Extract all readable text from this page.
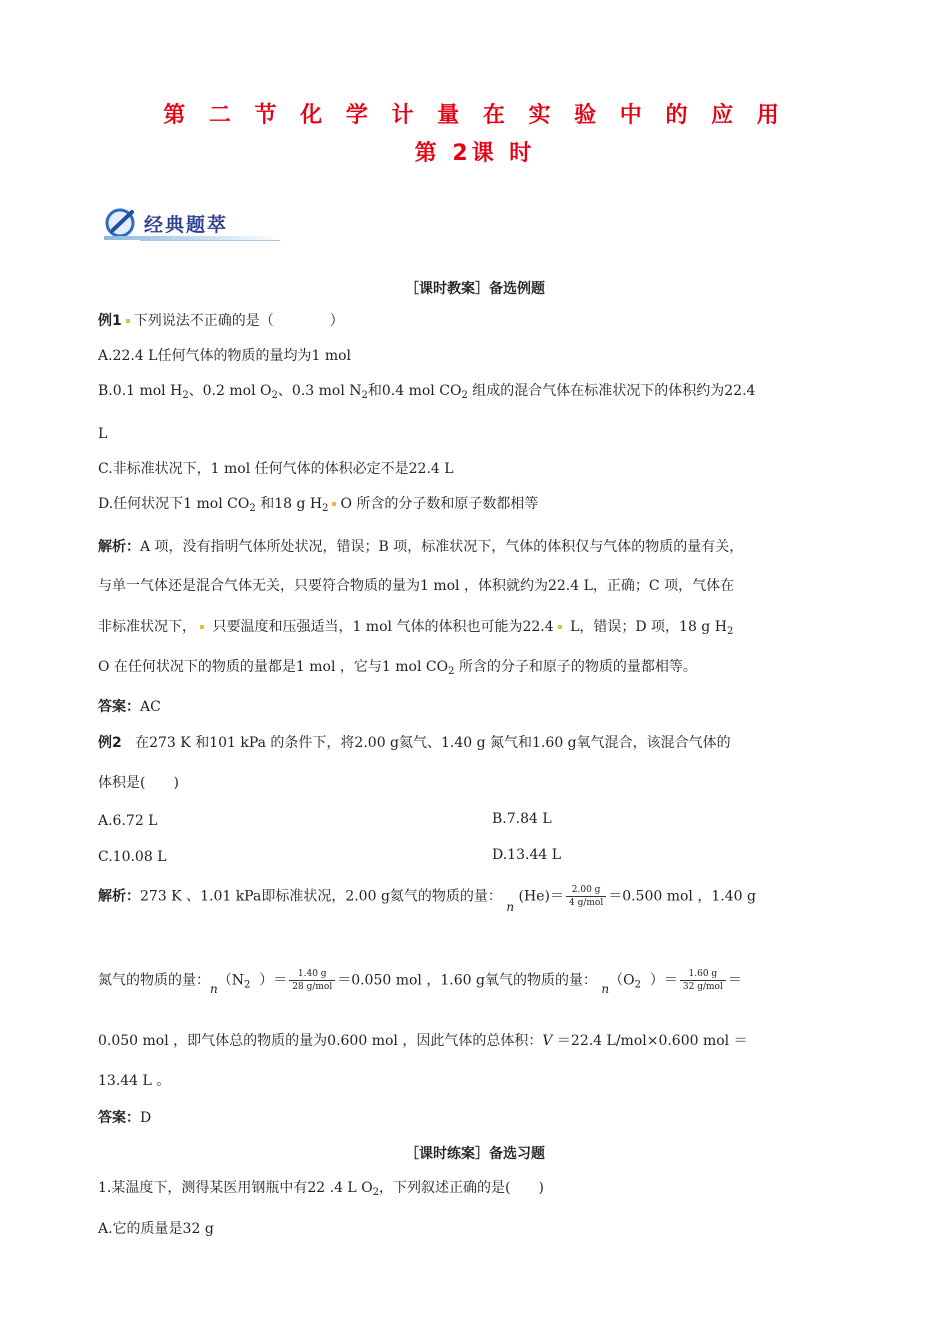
第 二 节 化 学 计 量 在 实 验 中 的 应 用
第 2课 时
经典题萃
［课时教案］备选例题
例1 下列说法不正确的是（　　　　）
A.22.4 L任何气体的物质的量均为1 mol
B.0.1 mol $H_2$、0.2 mol $O_2$、0.3 mol $N_2$和0.4 mol $CO_2$ 组成的混合气体在标准状况下的体积约为22.4
L
C.非标准状况下，1 mol 任何气体的体积必定不是22.4 L
D.任何状况下1 mol $CO_2$ 和18 g $H_2$ O 所含的分子数和原子数都相等
解析：A 项，没有指明气体所处状况，错误；B 项，标准状况下，气体的体积仅与气体的物质的量有关，
与单一气体还是混合气体无关，只要符合物质的量为1 mol ，体积就约为22.4 L，正确；C 项，气体在
非标准状况下， 只要温度和压强适当，1 mol 气体的体积也可能为22.4 L，错误；D 项，18 g $H_2$
O 在任何状况下的物质的量都是1 mol ，它与1 mol $CO_2$ 所含的分子和原子的物质的量都相等。
答案：AC
例2 在273 K 和101 kPa 的条件下，将2.00 g氦气、1.40 g 氮气和1.60 g氧气混合，该混合气体的
体积是(　　)
A.6.72 L	B.7.84 L
C.10.08 L	D.13.44 L
解析：273 K 、1.01 kPa即标准状况，2.00 g氦气的物质的量： n $(He)= \frac{2.00 g}{\text{4 g/mol}} =0.500$ mol ，1.40 g
氮气的物质的量：$n(N_2$ ）＝ $\frac{1.40 g}{\text{28 g/mol}} =0.050$ mol ，1.60 g氧气的物质的量： $n(O_2$ ）＝ $\frac{1.60 g}{\text{32 g/mol}}$ ＝
0.050 mol ，即气体总的物质的量为0.600 mol ，因此气体的总体积：V ＝22.4 L/mol×0.600 mol ＝
13.44 L 。
答案：D
［课时练案］备选习题
1.某温度下，测得某医用钢瓶中有22 .4 L $O_2$，下列叙述正确的是(　　)
A.它的质量是32 g
